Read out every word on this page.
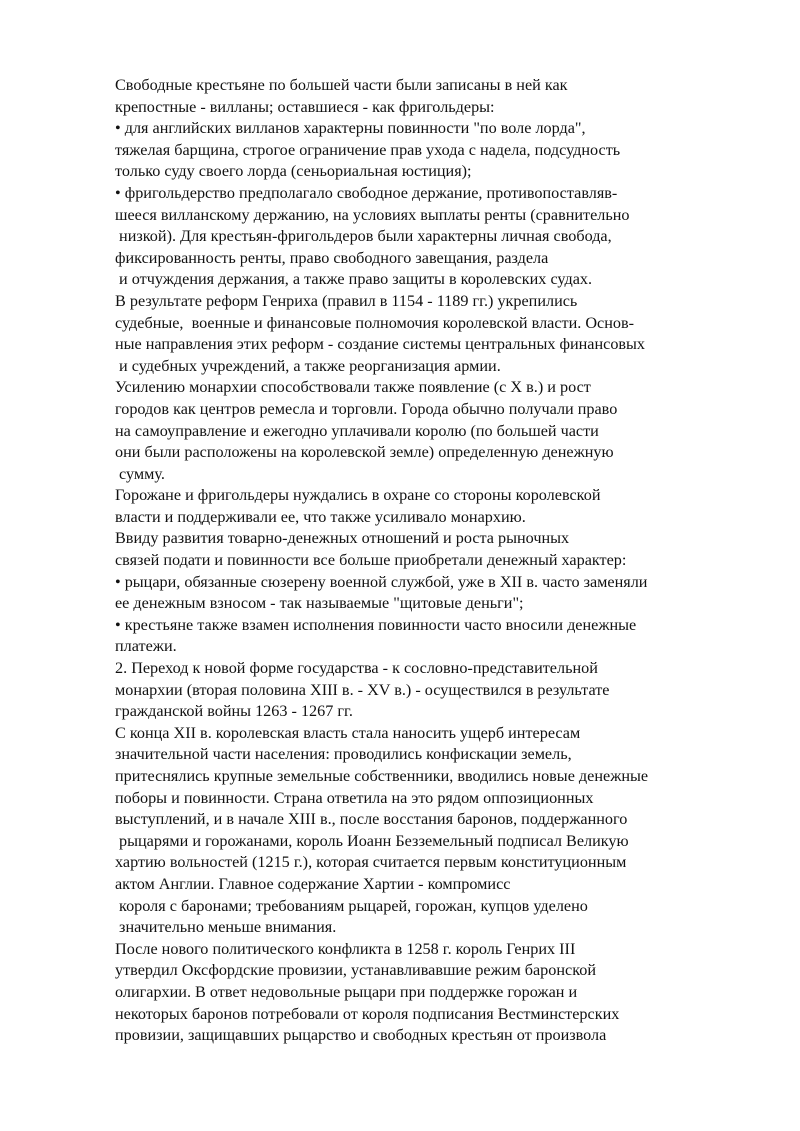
Свободные крестьяне по большей части были записаны в ней как
крепостные - вилланы; оставшиеся - как фригольдеры:
• для английских вилланов характерны повинности "по воле лорда",
тяжелая барщина, строгое ограничение прав ухода с надела, подсудность
только суду своего лорда (сеньориальная юстиция);
• фригольдерство предполагало свободное держание, противопоставляв-
шееся вилланскому держанию, на условиях выплаты ренты (сравнительно
низкой). Для крестьян-фригольдеров были характерны личная свобода,
фиксированность ренты, право свободного завещания, раздела
и отчуждения держания, а также право защиты в королевских судах.
В результате реформ Генриха (правил в 1154 - 1189 гг.) укрепились
судебные,  военные и финансовые полномочия королевской власти. Основ-
ные направления этих реформ - создание системы центральных финансовых
и судебных учреждений, а также реорганизация армии.
Усилению монархии способствовали также появление (с X в.) и рост
городов как центров ремесла и торговли. Города обычно получали право
на самоуправление и ежегодно уплачивали королю (по большей части
они были расположены на королевской земле) определенную денежную
сумму.
Горожане и фригольдеры нуждались в охране со стороны королевской
власти и поддерживали ее, что также усиливало монархию.
Ввиду развития товарно-денежных отношений и роста рыночных
связей подати и повинности все больше приобретали денежный характер:
• рыцари, обязанные сюзерену военной службой, уже в XII в. часто заменяли
ее денежным взносом - так называемые "щитовые деньги";
• крестьяне также взамен исполнения повинности часто вносили денежные
платежи.
2. Переход к новой форме государства - к сословно-представительной
монархии (вторая половина XIII в. - XV в.) - осуществился в результате
гражданской войны 1263 - 1267 гг.
С конца XII в. королевская власть стала наносить ущерб интересам
значительной части населения: проводились конфискации земель,
притеснялись крупные земельные собственники, вводились новые денежные
поборы и повинности. Страна ответила на это рядом оппозиционных
выступлений, и в начале XIII в., после восстания баронов, поддержанного
рыцарями и горожанами, король Иоанн Безземельный подписал Великую
хартию вольностей (1215 г.), которая считается первым конституционным
актом Англии. Главное содержание Хартии - компромисс
короля с баронами; требованиям рыцарей, горожан, купцов уделено
значительно меньше внимания.
После нового политического конфликта в 1258 г. король Генрих III
утвердил Оксфордские провизии, устанавливавшие режим баронской
олигархии. В ответ недовольные рыцари при поддержке горожан и
некоторых баронов потребовали от короля подписания Вестминстерских
провизии, защищавших рыцарство и свободных крестьян от произвола
